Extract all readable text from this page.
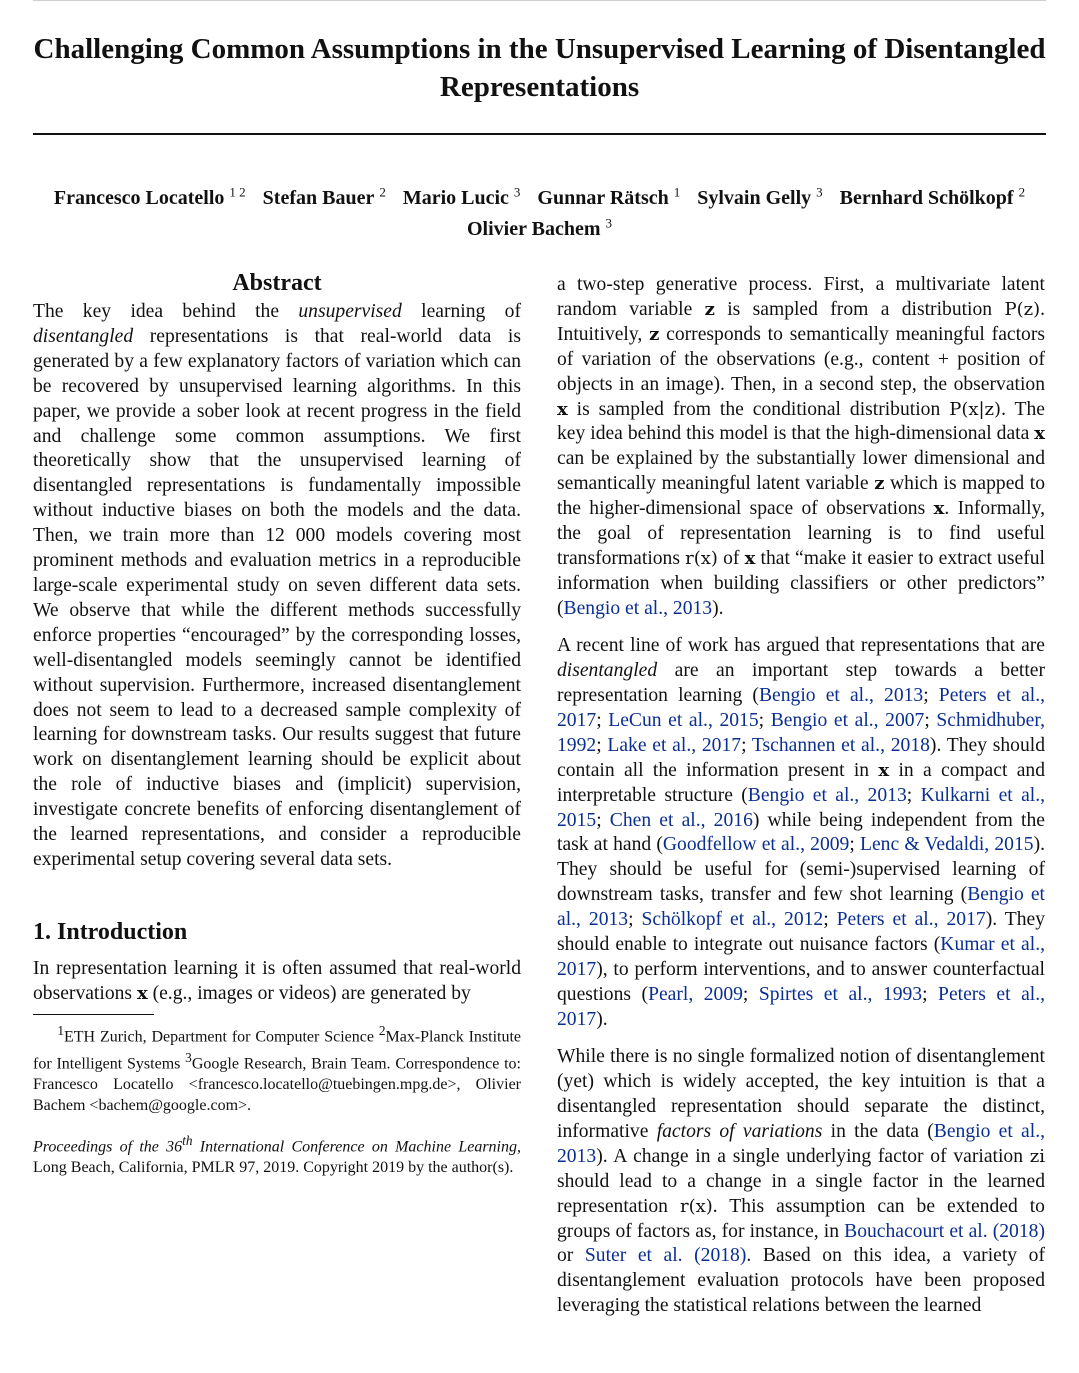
Challenging Common Assumptions in the Unsupervised Learning of Disentangled Representations
Francesco Locatello $^{1 2}$ Stefan Bauer $^2$ Mario Lucic $^3$ Gunnar Rätsch $^1$ Sylvain Gelly $^3$ Bernhard Schölkopf $^2$
Olivier Bachem $^3$
Abstract

The key idea behind the unsupervised learning of disentangled representations is that real-world data is generated by a few explanatory factors of variation which can be recovered by unsupervised learning algorithms. In this paper, we provide a sober look at recent progress in the field and challenge some common assumptions. We first theoretically show that the unsupervised learning of disentangled representations is fundamentally impossible without inductive biases on both the models and the data. Then, we train more than 12 000 models covering most prominent methods and evaluation metrics in a reproducible large-scale experimental study on seven different data sets. We observe that while the different methods successfully enforce properties “encouraged” by the corresponding losses, well-disentangled models seemingly cannot be identified without supervision. Furthermore, increased disentanglement does not seem to lead to a decreased sample complexity of learning for downstream tasks. Our results suggest that future work on disentanglement learning should be explicit about the role of inductive biases and (implicit) supervision, investigate concrete benefits of enforcing disentanglement of the learned representations, and consider a reproducible experimental setup covering several data sets.

1. Introduction

In representation learning it is often assumed that real-world observations x (e.g., images or videos) are generated by

$^1$ETH Zurich, Department for Computer Science $^2$Max-Planck Institute for Intelligent Systems $^3$Google Research, Brain Team. Correspondence to: Francesco Locatello <francesco.locatello@tuebingen.mpg.de>, Olivier Bachem <bachem@google.com>.
Proceedings of the 36th International Conference on Machine Learning, Long Beach, California, PMLR 97, 2019. Copyright 2019 by the author(s).

a two-step generative process. First, a multivariate latent random variable z is sampled from a distribution P(z). Intuitively, z corresponds to semantically meaningful factors of variation of the observations (e.g., content + position of objects in an image). Then, in a second step, the observation x is sampled from the conditional distribution P(x|z). The key idea behind this model is that the high-dimensional data x can be explained by the substantially lower dimensional and semantically meaningful latent variable z which is mapped to the higher-dimensional space of observations x. Informally, the goal of representation learning is to find useful transformations r(x) of x that “make it easier to extract useful information when building classifiers or other predictors” (Bengio et al., 2013).

A recent line of work has argued that representations that are disentangled are an important step towards a better representation learning (Bengio et al., 2013; Peters et al., 2017; LeCun et al., 2015; Bengio et al., 2007; Schmidhuber, 1992; Lake et al., 2017; Tschannen et al., 2018). They should contain all the information present in x in a compact and interpretable structure (Bengio et al., 2013; Kulkarni et al., 2015; Chen et al., 2016) while being independent from the task at hand (Goodfellow et al., 2009; Lenc & Vedaldi, 2015). They should be useful for (semi-)supervised learning of downstream tasks, transfer and few shot learning (Bengio et al., 2013; Schölkopf et al., 2012; Peters et al., 2017). They should enable to integrate out nuisance factors (Kumar et al., 2017), to perform interventions, and to answer counterfactual questions (Pearl, 2009; Spirtes et al., 1993; Peters et al., 2017).

While there is no single formalized notion of disentanglement (yet) which is widely accepted, the key intuition is that a disentangled representation should separate the distinct, informative factors of variations in the data (Bengio et al., 2013). A change in a single underlying factor of variation zi should lead to a change in a single factor in the learned representation r(x). This assumption can be extended to groups of factors as, for instance, in Bouchacourt et al. (2018) or Suter et al. (2018). Based on this idea, a variety of disentanglement evaluation protocols have been proposed leveraging the statistical relations between the learned
